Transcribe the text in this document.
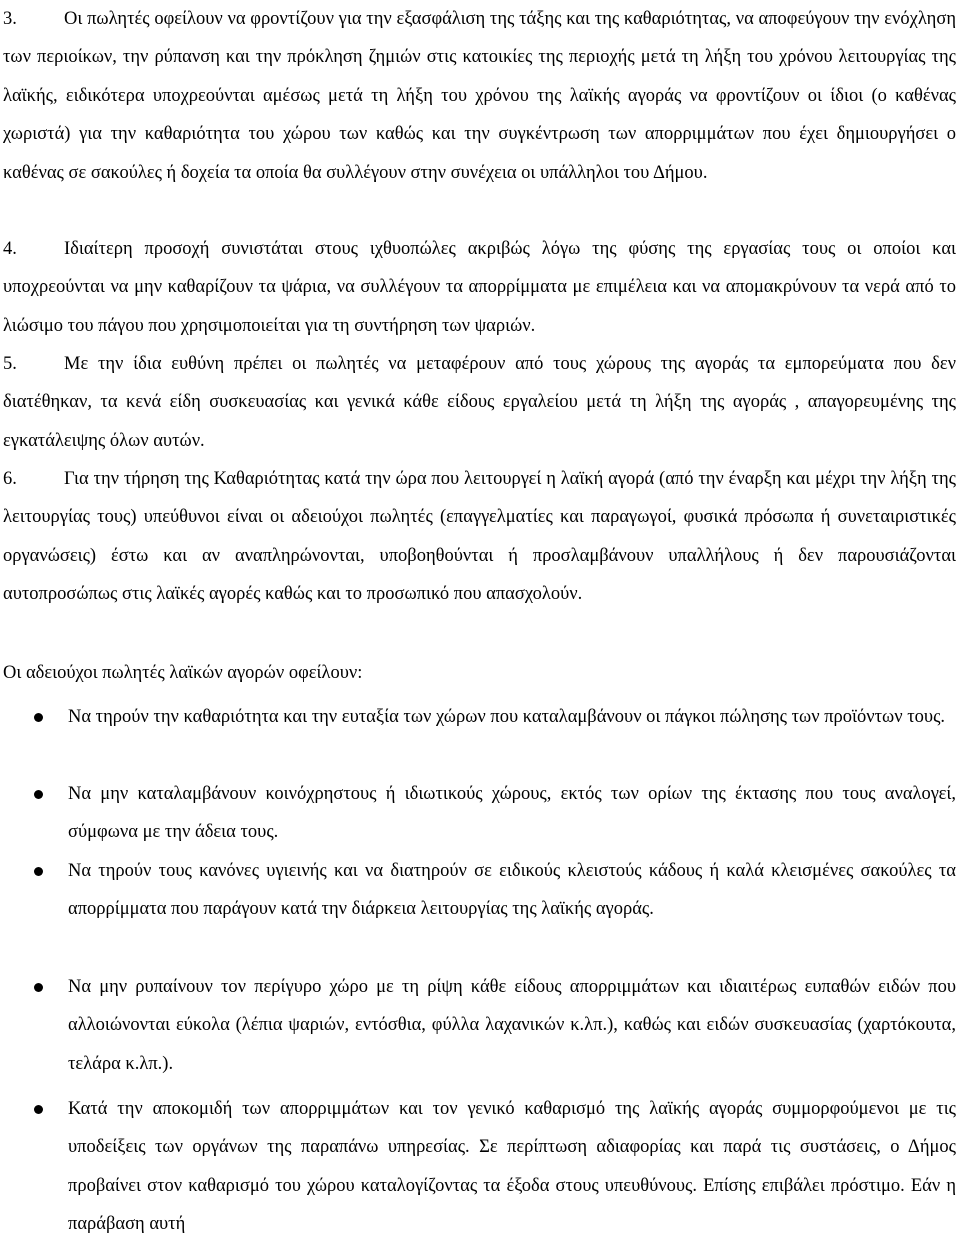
3.	Οι πωλητές οφείλουν να φροντίζουν για την εξασφάλιση της τάξης και της καθαριότητας, να αποφεύγουν την ενόχληση των περιοίκων, την ρύπανση και την πρόκληση ζημιών στις κατοικίες της περιοχής μετά τη λήξη του χρόνου λειτουργίας της λαϊκής, ειδικότερα υποχρεούνται αμέσως μετά τη λήξη του χρόνου της λαϊκής αγοράς να φροντίζουν οι ίδιοι (ο καθένας χωριστά) για την καθαριότητα του χώρου των καθώς και την συγκέντρωση των απορριμμάτων που έχει δημιουργήσει ο καθένας σε σακούλες ή δοχεία τα οποία θα συλλέγουν στην συνέχεια οι υπάλληλοι του Δήμου.

4.	Ιδιαίτερη προσοχή συνιστάται στους ιχθυοπώλες ακριβώς λόγω της φύσης της εργασίας τους οι οποίοι και υποχρεούνται να μην καθαρίζουν τα ψάρια, να συλλέγουν τα απορρίμματα με επιμέλεια και να απομακρύνουν τα νερά από το λιώσιμο του πάγου που χρησιμοποιείται για τη συντήρηση των ψαριών.

5.	Με την ίδια ευθύνη πρέπει οι πωλητές να μεταφέρουν από τους χώρους της αγοράς τα εμπορεύματα που δεν διατέθηκαν, τα κενά είδη συσκευασίας και γενικά κάθε είδους εργαλείου μετά τη λήξη της αγοράς , απαγορευμένης της εγκατάλειψης όλων αυτών.

6.	Για την τήρηση της Καθαριότητας κατά την ώρα που λειτουργεί η λαϊκή αγορά (από την έναρξη και μέχρι την λήξη της λειτουργίας τους) υπεύθυνοι είναι οι αδειούχοι πωλητές (επαγγελματίες και παραγωγοί, φυσικά πρόσωπα ή συνεταιριστικές οργανώσεις) έστω και αν αναπληρώνονται, υποβοηθούνται ή προσλαμβάνουν υπαλλήλους ή δεν παρουσιάζονται αυτοπροσώπως στις λαϊκές αγορές καθώς και το προσωπικό που απασχολούν.

Οι αδειούχοι πωλητές λαϊκών αγορών οφείλουν:

Να τηρούν την καθαριότητα και την ευταξία των χώρων που καταλαμβάνουν οι πάγκοι πώλησης των προϊόντων τους.

Να μην καταλαμβάνουν κοινόχρηστους ή ιδιωτικούς χώρους, εκτός των ορίων της έκτασης που τους αναλογεί, σύμφωνα με την άδεια τους.

Να τηρούν τους κανόνες υγιεινής και να διατηρούν σε ειδικούς κλειστούς κάδους ή καλά κλεισμένες σακούλες τα απορρίμματα που παράγουν κατά την διάρκεια λειτουργίας της λαϊκής αγοράς.

Να μην ρυπαίνουν τον περίγυρο χώρο με τη ρίψη κάθε είδους απορριμμάτων και ιδιαιτέρως ευπαθών ειδών που αλλοιώνονται εύκολα (λέπια ψαριών, εντόσθια, φύλλα λαχανικών κ.λπ.), καθώς και ειδών συσκευασίας (χαρτόκουτα, τελάρα κ.λπ.).

Κατά την αποκομιδή των απορριμμάτων και τον γενικό καθαρισμό της λαϊκής αγοράς συμμορφούμενοι με τις υποδείξεις των οργάνων της παραπάνω υπηρεσίας. Σε περίπτωση αδιαφορίας και παρά τις συστάσεις, ο Δήμος προβαίνει στον καθαρισμό του χώρου καταλογίζοντας τα έξοδα στους υπευθύνους. Επίσης επιβάλει πρόστιμο. Εάν η παράβαση αυτή
